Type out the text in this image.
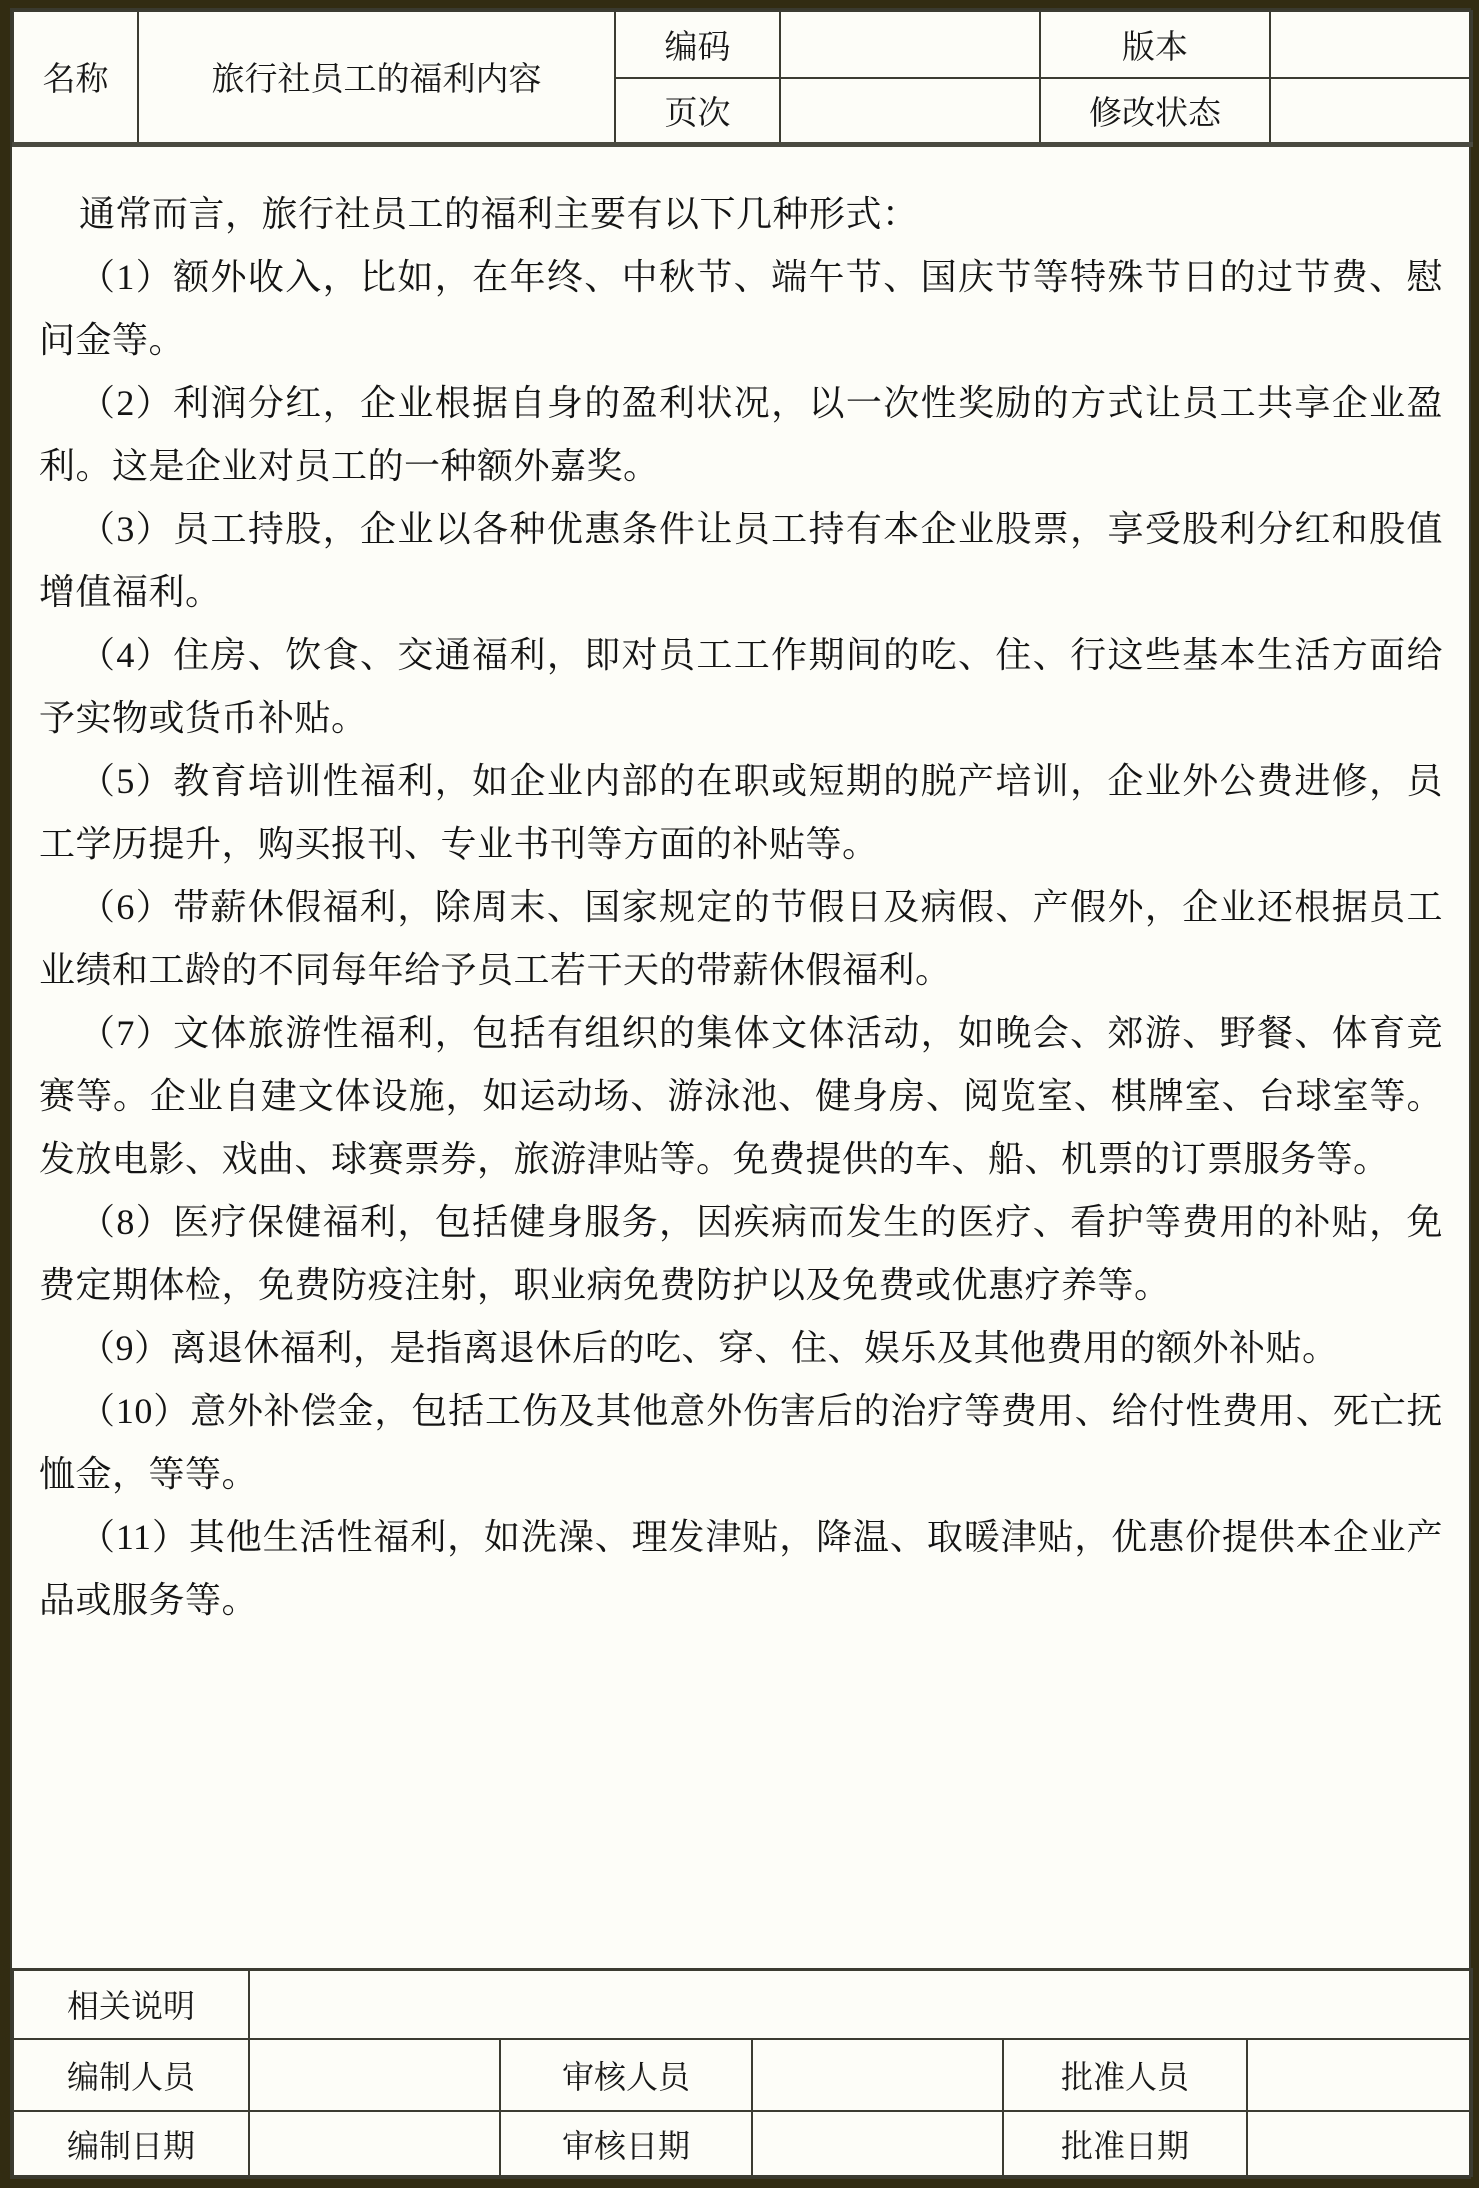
名称	旅行社员工的福利内容	编码		版本	
		页次		修改状态	

通常而言，旅行社员工的福利主要有以下几种形式：

（1）额外收入，比如，在年终、中秋节、端午节、国庆节等特殊节日的过节费、慰问金等。

（2）利润分红，企业根据自身的盈利状况，以一次性奖励的方式让员工共享企业盈利。这是企业对员工的一种额外嘉奖。

（3）员工持股，企业以各种优惠条件让员工持有本企业股票，享受股利分红和股值增值福利。

（4）住房、饮食、交通福利，即对员工工作期间的吃、住、行这些基本生活方面给予实物或货币补贴。

（5）教育培训性福利，如企业内部的在职或短期的脱产培训，企业外公费进修，员工学历提升，购买报刊、专业书刊等方面的补贴等。

（6）带薪休假福利，除周末、国家规定的节假日及病假、产假外，企业还根据员工业绩和工龄的不同每年给予员工若干天的带薪休假福利。

（7）文体旅游性福利，包括有组织的集体文体活动，如晚会、郊游、野餐、体育竞赛等。企业自建文体设施，如运动场、游泳池、健身房、阅览室、棋牌室、台球室等。发放电影、戏曲、球赛票券，旅游津贴等。免费提供的车、船、机票的订票服务等。

（8）医疗保健福利，包括健身服务，因疾病而发生的医疗、看护等费用的补贴，免费定期体检，免费防疫注射，职业病免费防护以及免费或优惠疗养等。

（9）离退休福利，是指离退休后的吃、穿、住、娱乐及其他费用的额外补贴。

（10）意外补偿金，包括工伤及其他意外伤害后的治疗等费用、给付性费用、死亡抚恤金，等等。

（11）其他生活性福利，如洗澡、理发津贴，降温、取暖津贴，优惠价提供本企业产品或服务等。

相关说明					
编制人员		审核人员		批准人员	
编制日期		审核日期		批准日期	
